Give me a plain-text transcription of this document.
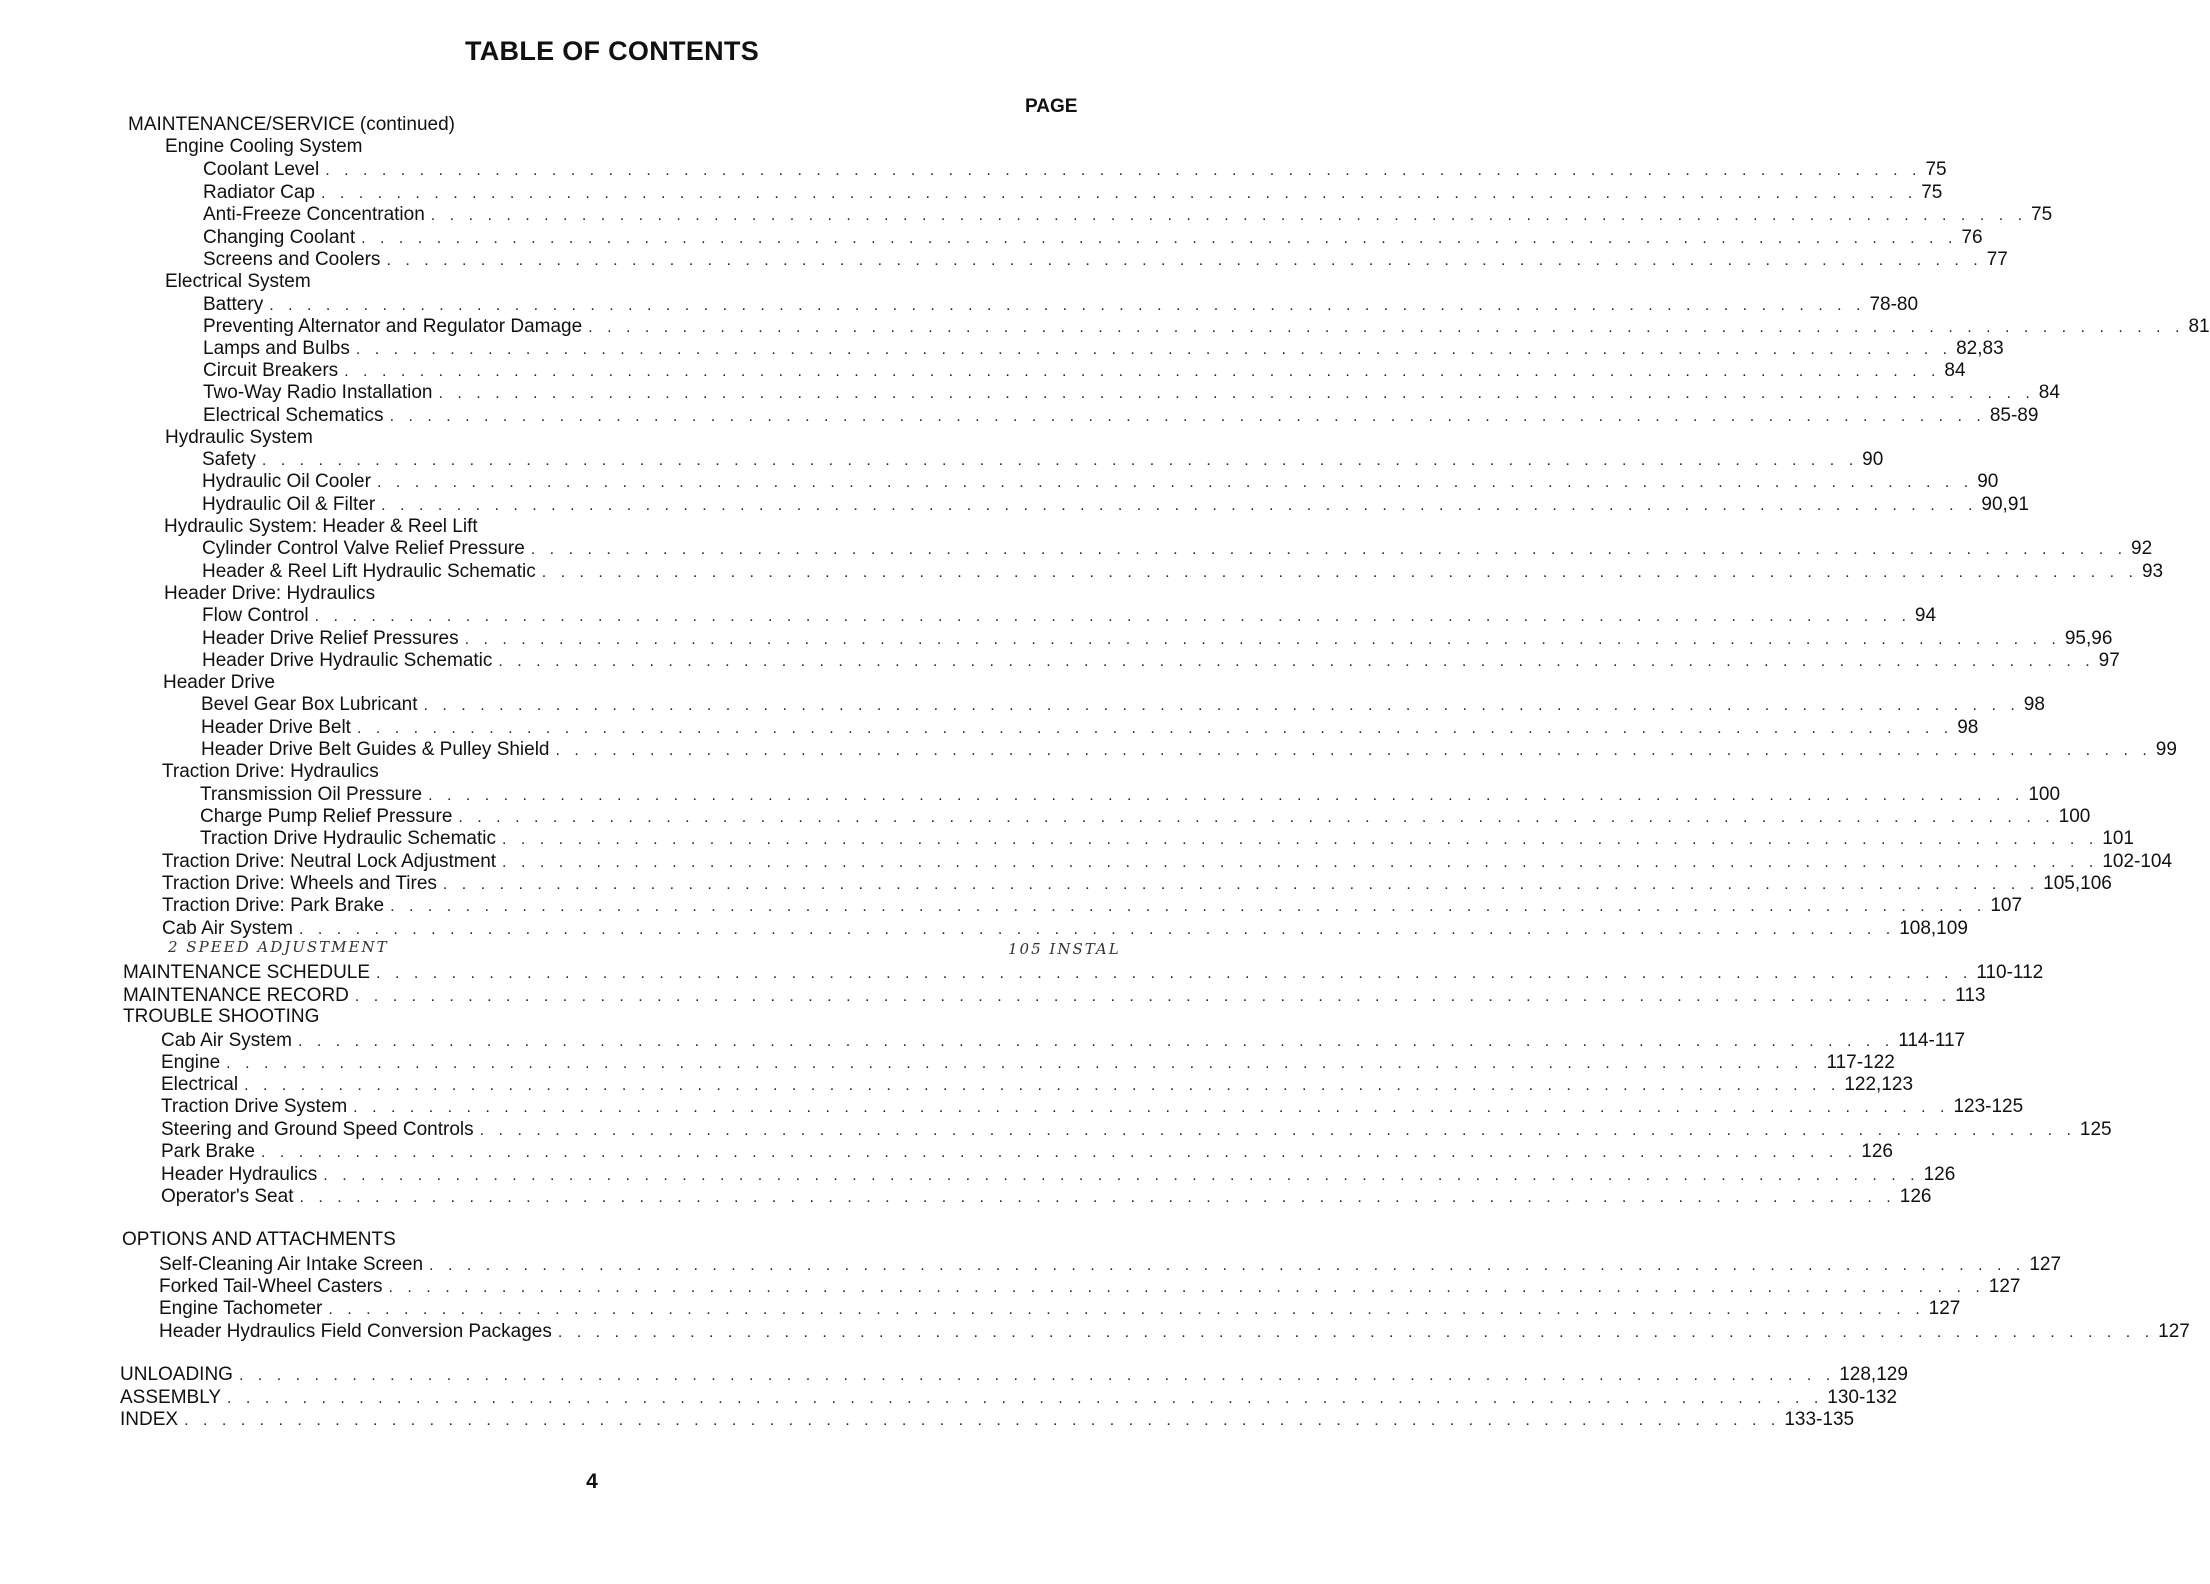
TABLE OF CONTENTS
PAGE
MAINTENANCE/SERVICE (continued)
Engine Cooling System
Coolant Level . . . . . . . . . . . . . . . . . . . . . . . . . . . . . . . . . . . . . . . . . . . . . . . . . . . . . . . . . . . . . . . . . . . . . . . . . . . . . . . . . . . . . 75
Radiator Cap . . . . . . . . . . . . . . . . . . . . . . . . . . . . . . . . . . . . . . . . . . . . . . . . . . . . . . . . . . . . . . . . . . . . . . . . . . . . . . . . . . . . . 75
Anti-Freeze Concentration . . . . . . . . . . . . . . . . . . . . . . . . . . . . . . . . . . . . . . . . . . . . . . . . . . . . . . . . . . . . . . . . . . . . . . . . . . . . . . . . . . . . . 75
Changing Coolant . . . . . . . . . . . . . . . . . . . . . . . . . . . . . . . . . . . . . . . . . . . . . . . . . . . . . . . . . . . . . . . . . . . . . . . . . . . . . . . . . . . . . 76
Screens and Coolers . . . . . . . . . . . . . . . . . . . . . . . . . . . . . . . . . . . . . . . . . . . . . . . . . . . . . . . . . . . . . . . . . . . . . . . . . . . . . . . . . . . . . 77
Electrical System
Battery . . . . . . . . . . . . . . . . . . . . . . . . . . . . . . . . . . . . . . . . . . . . . . . . . . . . . . . . . . . . . . . . . . . . . . . . . . . . . . . . . . . . . 78-80
Preventing Alternator and Regulator Damage . . . . . . . . . . . . . . . . . . . . . . . . . . . . . . . . . . . . . . . . . . . . . . . . . . . . . . . . . . . . . . . . . . . . . . . . . . . . . . . . . . . . . 81
Lamps and Bulbs . . . . . . . . . . . . . . . . . . . . . . . . . . . . . . . . . . . . . . . . . . . . . . . . . . . . . . . . . . . . . . . . . . . . . . . . . . . . . . . . . . . . . 82,83
Circuit Breakers . . . . . . . . . . . . . . . . . . . . . . . . . . . . . . . . . . . . . . . . . . . . . . . . . . . . . . . . . . . . . . . . . . . . . . . . . . . . . . . . . . . . . 84
Two-Way Radio Installation . . . . . . . . . . . . . . . . . . . . . . . . . . . . . . . . . . . . . . . . . . . . . . . . . . . . . . . . . . . . . . . . . . . . . . . . . . . . . . . . . . . . . 84
Electrical Schematics . . . . . . . . . . . . . . . . . . . . . . . . . . . . . . . . . . . . . . . . . . . . . . . . . . . . . . . . . . . . . . . . . . . . . . . . . . . . . . . . . . . . . 85-89
Hydraulic System
Safety . . . . . . . . . . . . . . . . . . . . . . . . . . . . . . . . . . . . . . . . . . . . . . . . . . . . . . . . . . . . . . . . . . . . . . . . . . . . . . . . . . . . . 90
Hydraulic Oil Cooler . . . . . . . . . . . . . . . . . . . . . . . . . . . . . . . . . . . . . . . . . . . . . . . . . . . . . . . . . . . . . . . . . . . . . . . . . . . . . . . . . . . . . 90
Hydraulic Oil & Filter . . . . . . . . . . . . . . . . . . . . . . . . . . . . . . . . . . . . . . . . . . . . . . . . . . . . . . . . . . . . . . . . . . . . . . . . . . . . . . . . . . . . . 90,91
Hydraulic System: Header & Reel Lift
Cylinder Control Valve Relief Pressure . . . . . . . . . . . . . . . . . . . . . . . . . . . . . . . . . . . . . . . . . . . . . . . . . . . . . . . . . . . . . . . . . . . . . . . . . . . . . . . . . . . . . 92
Header & Reel Lift Hydraulic Schematic . . . . . . . . . . . . . . . . . . . . . . . . . . . . . . . . . . . . . . . . . . . . . . . . . . . . . . . . . . . . . . . . . . . . . . . . . . . . . . . . . . . . . 93
Header Drive: Hydraulics
Flow Control . . . . . . . . . . . . . . . . . . . . . . . . . . . . . . . . . . . . . . . . . . . . . . . . . . . . . . . . . . . . . . . . . . . . . . . . . . . . . . . . . . . . . 94
Header Drive Relief Pressures . . . . . . . . . . . . . . . . . . . . . . . . . . . . . . . . . . . . . . . . . . . . . . . . . . . . . . . . . . . . . . . . . . . . . . . . . . . . . . . . . . . . . 95,96
Header Drive Hydraulic Schematic . . . . . . . . . . . . . . . . . . . . . . . . . . . . . . . . . . . . . . . . . . . . . . . . . . . . . . . . . . . . . . . . . . . . . . . . . . . . . . . . . . . . . 97
Header Drive
Bevel Gear Box Lubricant . . . . . . . . . . . . . . . . . . . . . . . . . . . . . . . . . . . . . . . . . . . . . . . . . . . . . . . . . . . . . . . . . . . . . . . . . . . . . . . . . . . . . 98
Header Drive Belt . . . . . . . . . . . . . . . . . . . . . . . . . . . . . . . . . . . . . . . . . . . . . . . . . . . . . . . . . . . . . . . . . . . . . . . . . . . . . . . . . . . . . 98
Header Drive Belt Guides & Pulley Shield . . . . . . . . . . . . . . . . . . . . . . . . . . . . . . . . . . . . . . . . . . . . . . . . . . . . . . . . . . . . . . . . . . . . . . . . . . . . . . . . . . . . . 99
Traction Drive: Hydraulics
Transmission Oil Pressure . . . . . . . . . . . . . . . . . . . . . . . . . . . . . . . . . . . . . . . . . . . . . . . . . . . . . . . . . . . . . . . . . . . . . . . . . . . . . . . . . . . . . 100
Charge Pump Relief Pressure . . . . . . . . . . . . . . . . . . . . . . . . . . . . . . . . . . . . . . . . . . . . . . . . . . . . . . . . . . . . . . . . . . . . . . . . . . . . . . . . . . . . . 100
Traction Drive Hydraulic Schematic . . . . . . . . . . . . . . . . . . . . . . . . . . . . . . . . . . . . . . . . . . . . . . . . . . . . . . . . . . . . . . . . . . . . . . . . . . . . . . . . . . . . . 101
Traction Drive: Neutral Lock Adjustment . . . . . . . . . . . . . . . . . . . . . . . . . . . . . . . . . . . . . . . . . . . . . . . . . . . . . . . . . . . . . . . . . . . . . . . . . . . . . . . . . . . . . 102-104
Traction Drive: Wheels and Tires . . . . . . . . . . . . . . . . . . . . . . . . . . . . . . . . . . . . . . . . . . . . . . . . . . . . . . . . . . . . . . . . . . . . . . . . . . . . . . . . . . . . . 105,106
Traction Drive: Park Brake . . . . . . . . . . . . . . . . . . . . . . . . . . . . . . . . . . . . . . . . . . . . . . . . . . . . . . . . . . . . . . . . . . . . . . . . . . . . . . . . . . . . . 107
Cab Air System . . . . . . . . . . . . . . . . . . . . . . . . . . . . . . . . . . . . . . . . . . . . . . . . . . . . . . . . . . . . . . . . . . . . . . . . . . . . . . . . . . . . . 108,109
2 SPEED ADJUSTMENT	105 INSTAL
MAINTENANCE SCHEDULE . . . . . . . . . . . . . . . . . . . . . . . . . . . . . . . . . . . . . . . . . . . . . . . . . . . . . . . . . . . . . . . . . . . . . . . . . . . . . . . . . . . . . 110-112
MAINTENANCE RECORD . . . . . . . . . . . . . . . . . . . . . . . . . . . . . . . . . . . . . . . . . . . . . . . . . . . . . . . . . . . . . . . . . . . . . . . . . . . . . . . . . . . . . 113
TROUBLE SHOOTING
Cab Air System . . . . . . . . . . . . . . . . . . . . . . . . . . . . . . . . . . . . . . . . . . . . . . . . . . . . . . . . . . . . . . . . . . . . . . . . . . . . . . . . . . . . . 114-117
Engine . . . . . . . . . . . . . . . . . . . . . . . . . . . . . . . . . . . . . . . . . . . . . . . . . . . . . . . . . . . . . . . . . . . . . . . . . . . . . . . . . . . . . 117-122
Electrical . . . . . . . . . . . . . . . . . . . . . . . . . . . . . . . . . . . . . . . . . . . . . . . . . . . . . . . . . . . . . . . . . . . . . . . . . . . . . . . . . . . . . 122,123
Traction Drive System . . . . . . . . . . . . . . . . . . . . . . . . . . . . . . . . . . . . . . . . . . . . . . . . . . . . . . . . . . . . . . . . . . . . . . . . . . . . . . . . . . . . . 123-125
Steering and Ground Speed Controls . . . . . . . . . . . . . . . . . . . . . . . . . . . . . . . . . . . . . . . . . . . . . . . . . . . . . . . . . . . . . . . . . . . . . . . . . . . . . . . . . . . . . 125
Park Brake . . . . . . . . . . . . . . . . . . . . . . . . . . . . . . . . . . . . . . . . . . . . . . . . . . . . . . . . . . . . . . . . . . . . . . . . . . . . . . . . . . . . . 126
Header Hydraulics . . . . . . . . . . . . . . . . . . . . . . . . . . . . . . . . . . . . . . . . . . . . . . . . . . . . . . . . . . . . . . . . . . . . . . . . . . . . . . . . . . . . . 126
Operator's Seat . . . . . . . . . . . . . . . . . . . . . . . . . . . . . . . . . . . . . . . . . . . . . . . . . . . . . . . . . . . . . . . . . . . . . . . . . . . . . . . . . . . . . 126
OPTIONS AND ATTACHMENTS
Self-Cleaning Air Intake Screen . . . . . . . . . . . . . . . . . . . . . . . . . . . . . . . . . . . . . . . . . . . . . . . . . . . . . . . . . . . . . . . . . . . . . . . . . . . . . . . . . . . . . 127
Forked Tail-Wheel Casters . . . . . . . . . . . . . . . . . . . . . . . . . . . . . . . . . . . . . . . . . . . . . . . . . . . . . . . . . . . . . . . . . . . . . . . . . . . . . . . . . . . . . 127
Engine Tachometer . . . . . . . . . . . . . . . . . . . . . . . . . . . . . . . . . . . . . . . . . . . . . . . . . . . . . . . . . . . . . . . . . . . . . . . . . . . . . . . . . . . . . 127
Header Hydraulics Field Conversion Packages . . . . . . . . . . . . . . . . . . . . . . . . . . . . . . . . . . . . . . . . . . . . . . . . . . . . . . . . . . . . . . . . . . . . . . . . . . . . . . . . . . . . . 127
UNLOADING . . . . . . . . . . . . . . . . . . . . . . . . . . . . . . . . . . . . . . . . . . . . . . . . . . . . . . . . . . . . . . . . . . . . . . . . . . . . . . . . . . . . . 128,129
ASSEMBLY . . . . . . . . . . . . . . . . . . . . . . . . . . . . . . . . . . . . . . . . . . . . . . . . . . . . . . . . . . . . . . . . . . . . . . . . . . . . . . . . . . . . . 130-132
INDEX . . . . . . . . . . . . . . . . . . . . . . . . . . . . . . . . . . . . . . . . . . . . . . . . . . . . . . . . . . . . . . . . . . . . . . . . . . . . . . . . . . . . . 133-135
4
